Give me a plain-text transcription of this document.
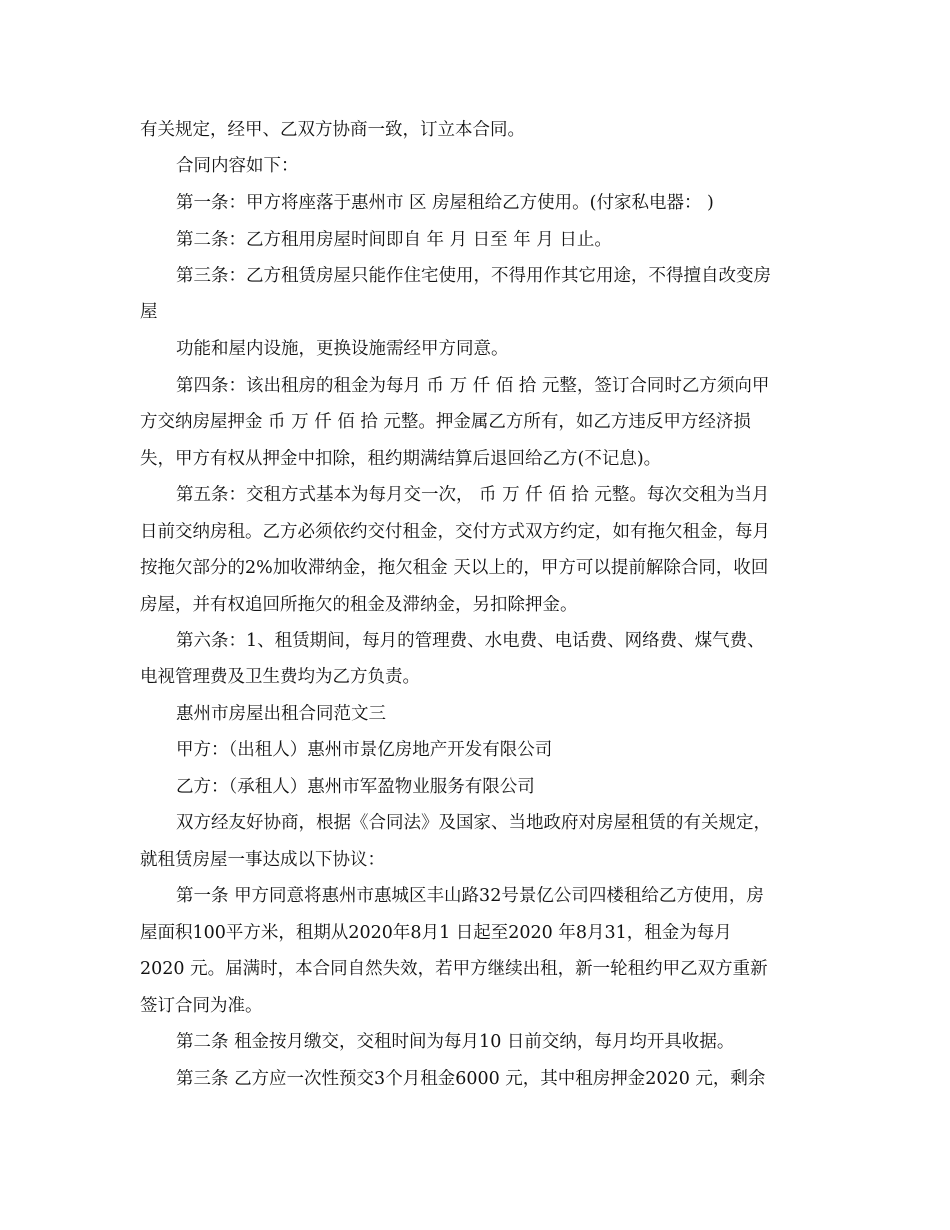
有关规定，经甲、乙双方协商一致，订立本合同。
合同内容如下：
第一条：甲方将座落于惠州市 区 房屋租给乙方使用。(付家私电器： )
第二条：乙方租用房屋时间即自 年 月 日至 年 月 日止。
第三条：乙方租赁房屋只能作住宅使用，不得用作其它用途，不得擅自改变房
屋
功能和屋内设施，更换设施需经甲方同意。
第四条：该出租房的租金为每月 币 万 仟 佰 拾 元整，签订合同时乙方须向甲
方交纳房屋押金 币 万 仟 佰 拾 元整。押金属乙方所有，如乙方违反甲方经济损
失，甲方有权从押金中扣除，租约期满结算后退回给乙方(不记息)。
第五条：交租方式基本为每月交一次， 币 万 仟 佰 拾 元整。每次交租为当月
日前交纳房租。乙方必须依约交付租金，交付方式双方约定，如有拖欠租金，每月
按拖欠部分的2%加收滞纳金，拖欠租金 天以上的，甲方可以提前解除合同，收回
房屋，并有权追回所拖欠的租金及滞纳金，另扣除押金。
第六条：1、租赁期间，每月的管理费、水电费、电话费、网络费、煤气费、
电视管理费及卫生费均为乙方负责。
惠州市房屋出租合同范文三
甲方：（出租人）惠州市景亿房地产开发有限公司
乙方：（承租人）惠州市军盈物业服务有限公司
双方经友好协商，根据《合同法》及国家、当地政府对房屋租赁的有关规定，
就租赁房屋一事达成以下协议：
第一条 甲方同意将惠州市惠城区丰山路32号景亿公司四楼租给乙方使用，房
屋面积100平方米，租期从2020年8月1 日起至2020 年8月31，租金为每月
2020 元。届满时，本合同自然失效，若甲方继续出租，新一轮租约甲乙双方重新
签订合同为准。
第二条 租金按月缴交，交租时间为每月10 日前交纳，每月均开具收据。
第三条 乙方应一次性预交3个月租金6000 元，其中租房押金2020 元，剩余
